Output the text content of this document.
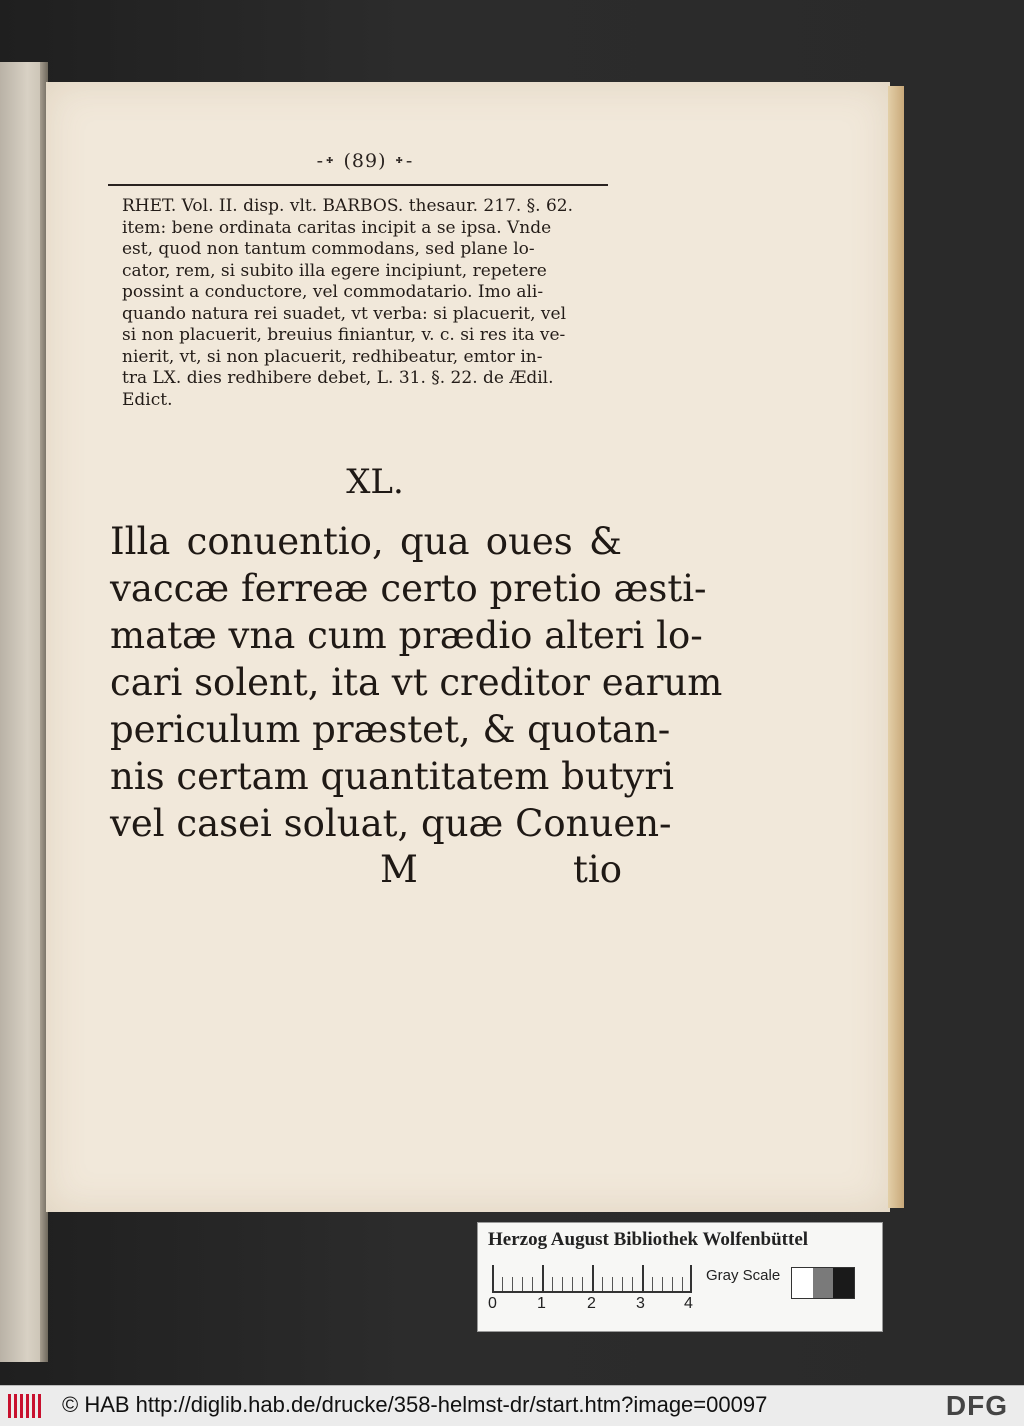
-᛭ (89) ᛭-
RHET. Vol. II. disp. vlt. BARBOS. thesaur. 217. §. 62.
item: bene ordinata caritas incipit a se ipsa. Vnde
est, quod non tantum commodans, sed plane lo-
cator, rem, si subito illa egere incipiunt, repetere
possint a conductore, vel commodatario. Imo ali-
quando natura rei suadet, vt verba: si placuerit, vel
si non placuerit, breuius finiantur, v. c. si res ita ve-
nierit, vt, si non placuerit, redhibeatur, emtor in-
tra LX. dies redhibere debet, L. 31. §. 22. de Ædil.
Edict.
XL.
Illa conuentio, qua oues &
vaccæ ferreæ certo pretio æsti-
matæ vna cum prædio alteri lo-
cari solent, ita vt creditor earum
periculum præstet, & quotan-
nis certam quantitatem butyri
vel casei soluat, quæ Conuen-
M	tio
Herzog August Bibliothek Wolfenbüttel
0	1	2	3 4
Gray Scale
© HAB http://diglib.hab.de/drucke/358-helmst-dr/start.htm?image=00097	DFG
